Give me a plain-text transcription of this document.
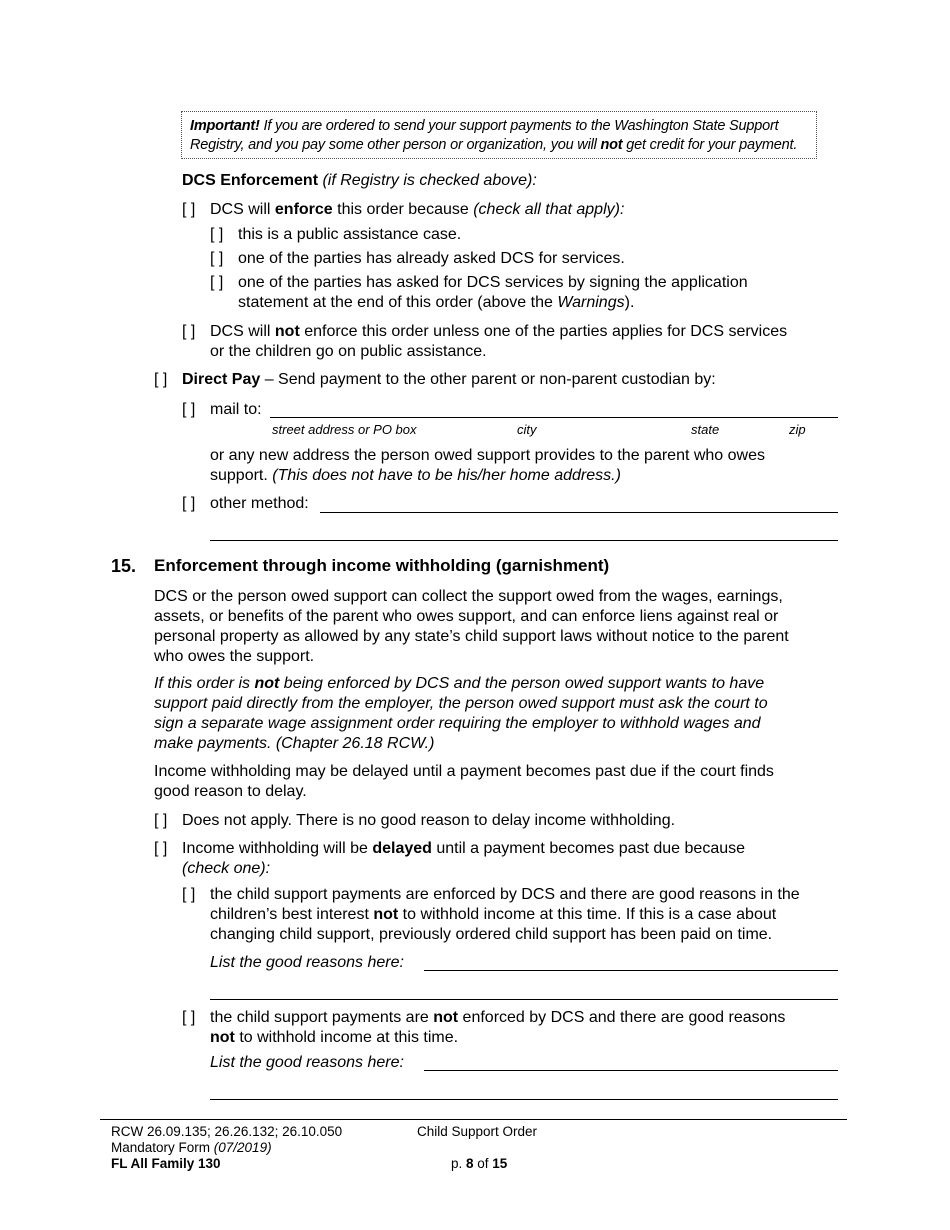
Important! If you are ordered to send your support payments to the Washington State Support Registry, and you pay some other person or organization, you will not get credit for your payment.
DCS Enforcement (if Registry is checked above):
[ ] DCS will enforce this order because (check all that apply):
[ ] this is a public assistance case.
[ ] one of the parties has already asked DCS for services.
[ ] one of the parties has asked for DCS services by signing the application
statement at the end of this order (above the Warnings).
[ ] DCS will not enforce this order unless one of the parties applies for DCS services
or the children go on public assistance.
[ ] Direct Pay – Send payment to the other parent or non-parent custodian by:
[ ] mail to:
street address or PO box	city	state	zip
or any new address the person owed support provides to the parent who owes
support. (This does not have to be his/her home address.)
[ ] other method:
15. Enforcement through income withholding (garnishment)
DCS or the person owed support can collect the support owed from the wages, earnings,
assets, or benefits of the parent who owes support, and can enforce liens against real or
personal property as allowed by any state’s child support laws without notice to the parent
who owes the support.
If this order is not being enforced by DCS and the person owed support wants to have
support paid directly from the employer, the person owed support must ask the court to
sign a separate wage assignment order requiring the employer to withhold wages and
make payments. (Chapter 26.18 RCW.)
Income withholding may be delayed until a payment becomes past due if the court finds
good reason to delay.
[ ] Does not apply. There is no good reason to delay income withholding.
[ ] Income withholding will be delayed until a payment becomes past due because
(check one):
[ ] the child support payments are enforced by DCS and there are good reasons in the
children’s best interest not to withhold income at this time. If this is a case about
changing child support, previously ordered child support has been paid on time.
List the good reasons here:
[ ] the child support payments are not enforced by DCS and there are good reasons
not to withhold income at this time.
List the good reasons here:
RCW 26.09.135; 26.26.132; 26.10.050
Mandatory Form (07/2019)
FL All Family 130
Child Support Order
p. 8 of 15
